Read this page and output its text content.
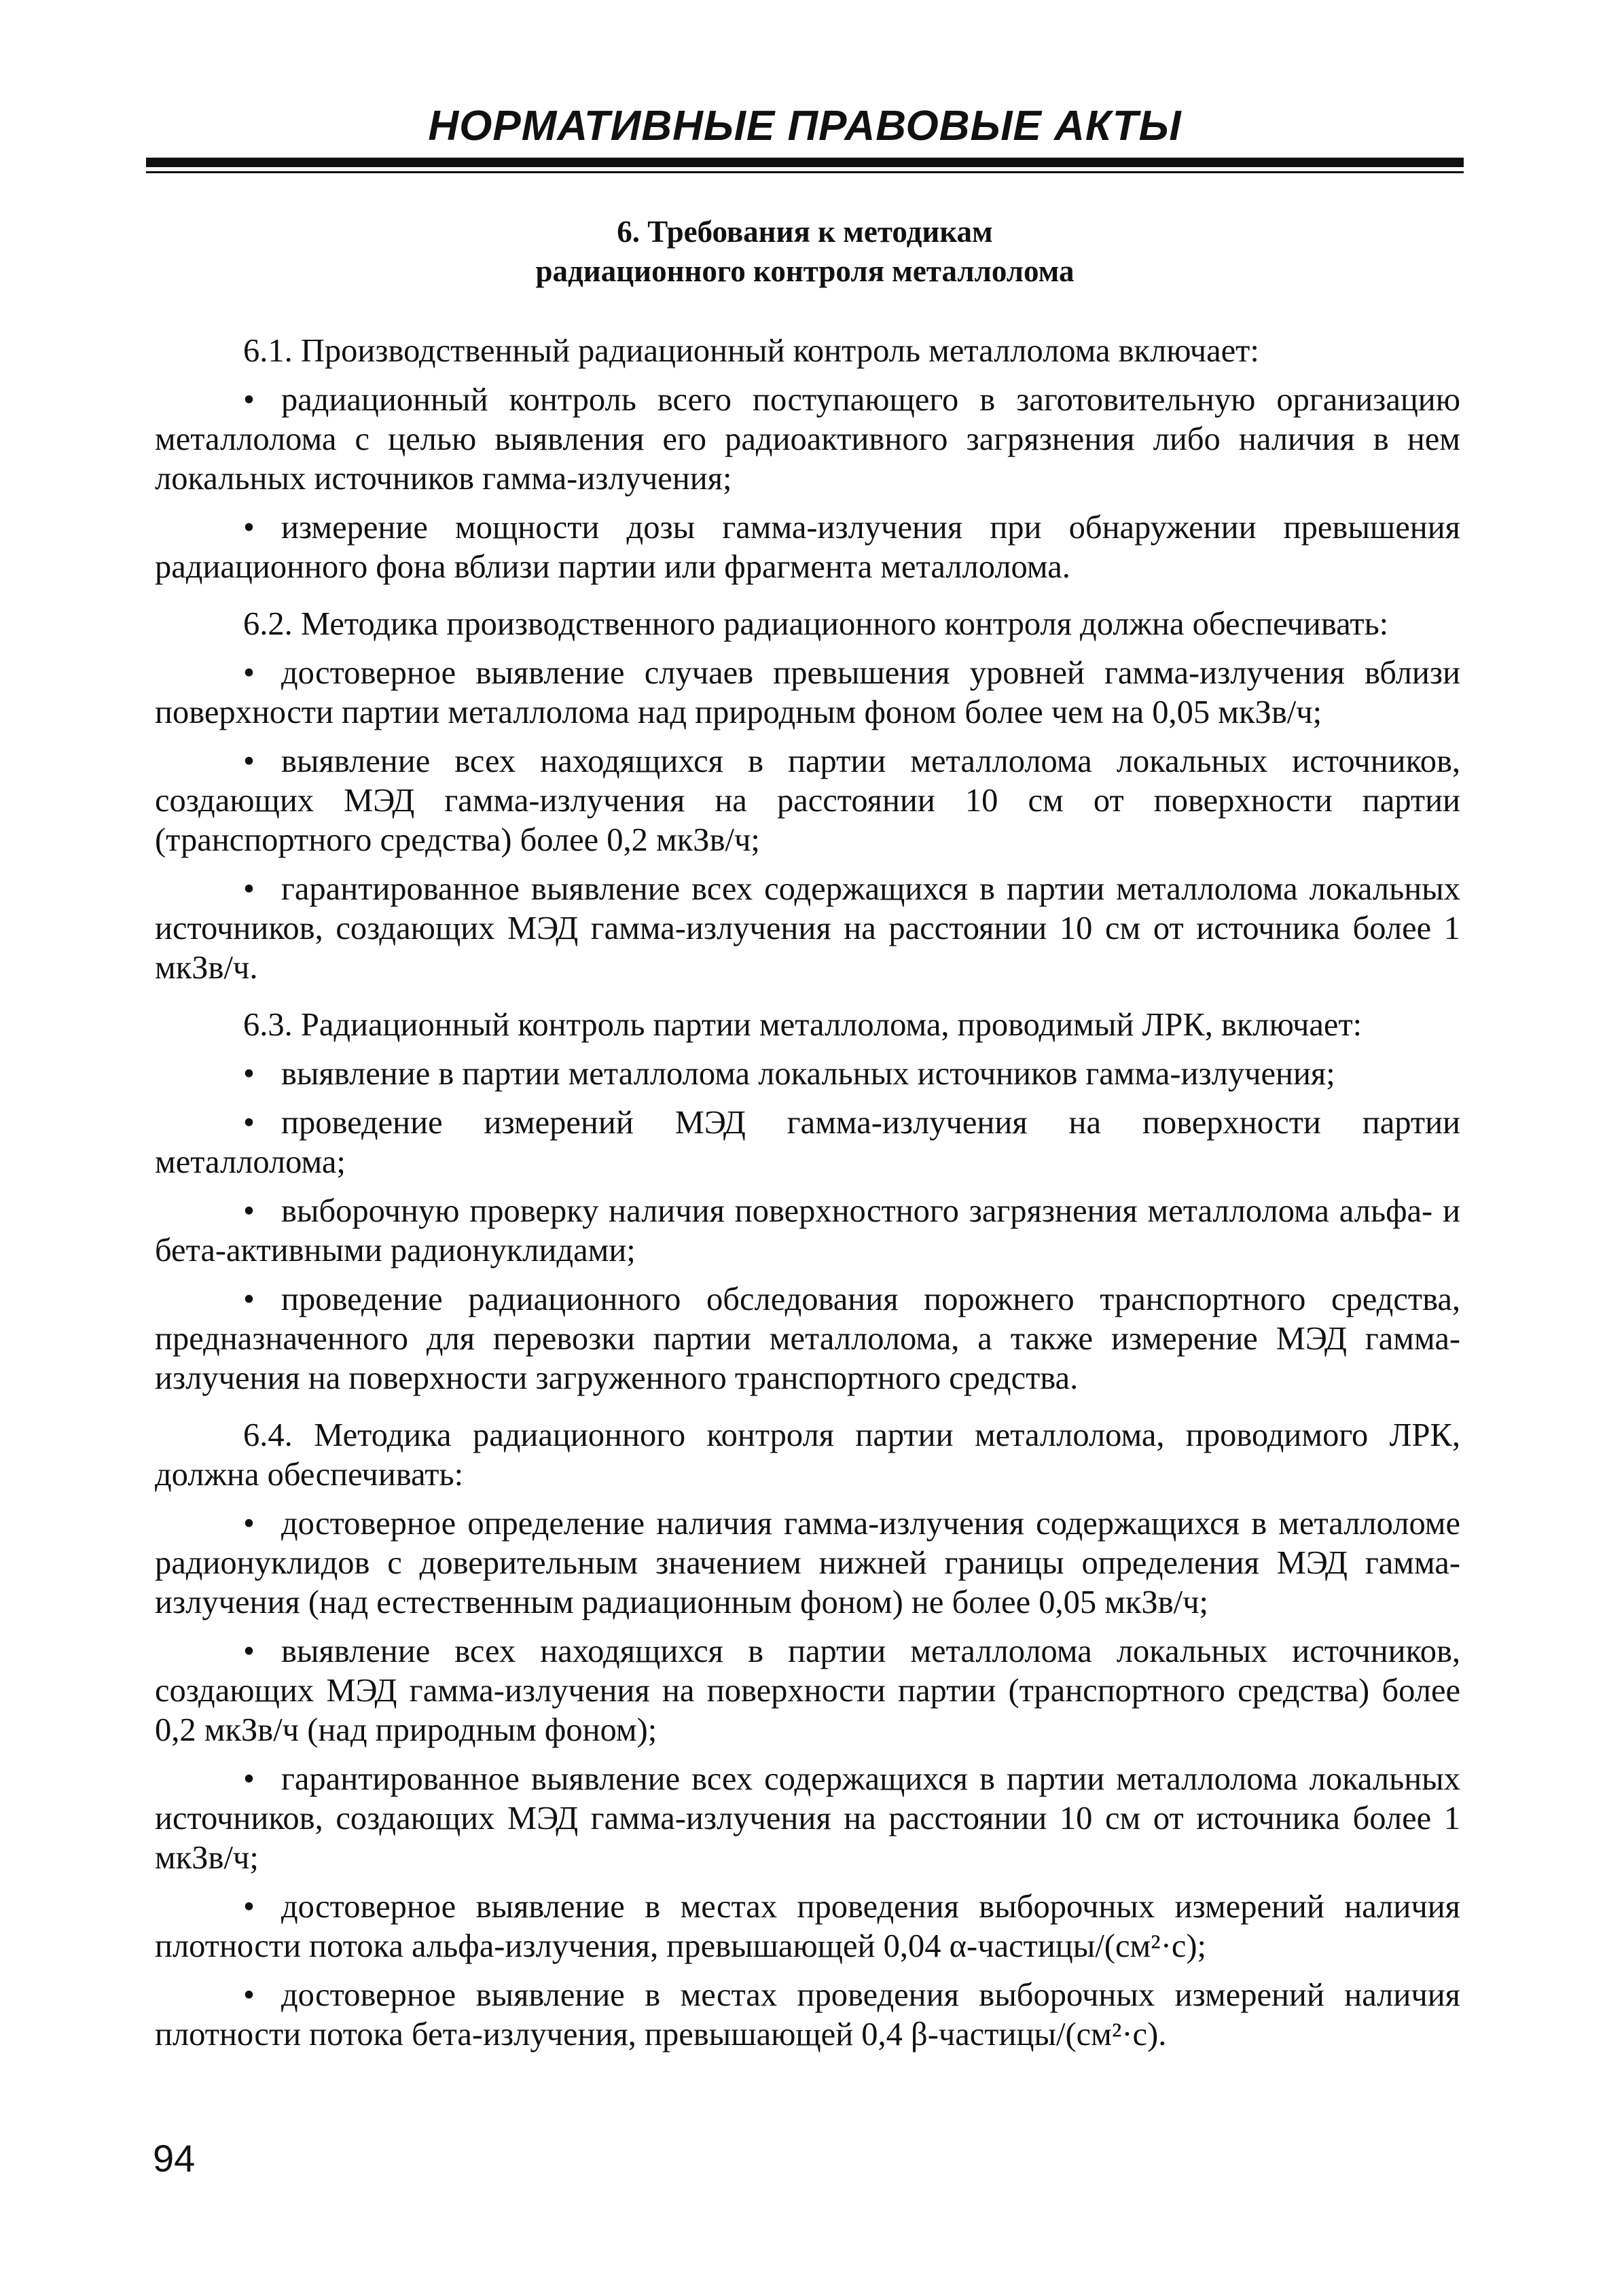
НОРМАТИВНЫЕ ПРАВОВЫЕ АКТЫ
6. Требования к методикам
радиационного контроля металлолома

6.1. Производственный радиационный контроль металлолома включает:

• радиационный контроль всего поступающего в заготовительную организацию металлолома с целью выявления его радиоактивного загрязнения либо наличия в нем локальных источников гамма-излучения;

• измерение мощности дозы гамма-излучения при обнаружении превышения радиационного фона вблизи партии или фрагмента металлолома.

6.2. Методика производственного радиационного контроля должна обеспечивать:

• достоверное выявление случаев превышения уровней гамма-излучения вблизи поверхности партии металлолома над природным фоном более чем на 0,05 мкЗв/ч;

• выявление всех находящихся в партии металлолома локальных источников, создающих МЭД гамма-излучения на расстоянии 10 см от поверхности партии (транспортного средства) более 0,2 мкЗв/ч;

• гарантированное выявление всех содержащихся в партии металлолома локальных источников, создающих МЭД гамма-излучения на расстоянии 10 см от источника более 1 мкЗв/ч.

6.3. Радиационный контроль партии металлолома, проводимый ЛРК, включает:

• выявление в партии металлолома локальных источников гамма-излучения;

• проведение измерений МЭД гамма-излучения на поверхности партии металлолома;

• выборочную проверку наличия поверхностного загрязнения металлолома альфа- и бета-активными радионуклидами;

• проведение радиационного обследования порожнего транспортного средства, предназначенного для перевозки партии металлолома, а также измерение МЭД гамма-излучения на поверхности загруженного транспортного средства.

6.4. Методика радиационного контроля партии металлолома, проводимого ЛРК, должна обеспечивать:

• достоверное определение наличия гамма-излучения содержащихся в металлоломе радионуклидов с доверительным значением нижней границы определения МЭД гамма-излучения (над естественным радиационным фоном) не более 0,05 мкЗв/ч;

• выявление всех находящихся в партии металлолома локальных источников, создающих МЭД гамма-излучения на поверхности партии (транспортного средства) более 0,2 мкЗв/ч (над природным фоном);

• гарантированное выявление всех содержащихся в партии металлолома локальных источников, создающих МЭД гамма-излучения на расстоянии 10 см от источника более 1 мкЗв/ч;

• достоверное выявление в местах проведения выборочных измерений наличия плотности потока альфа-излучения, превышающей 0,04 α-частицы/(см²·с);

• достоверное выявление в местах проведения выборочных измерений наличия плотности потока бета-излучения, превышающей 0,4 β-частицы/(см²·с).

94
